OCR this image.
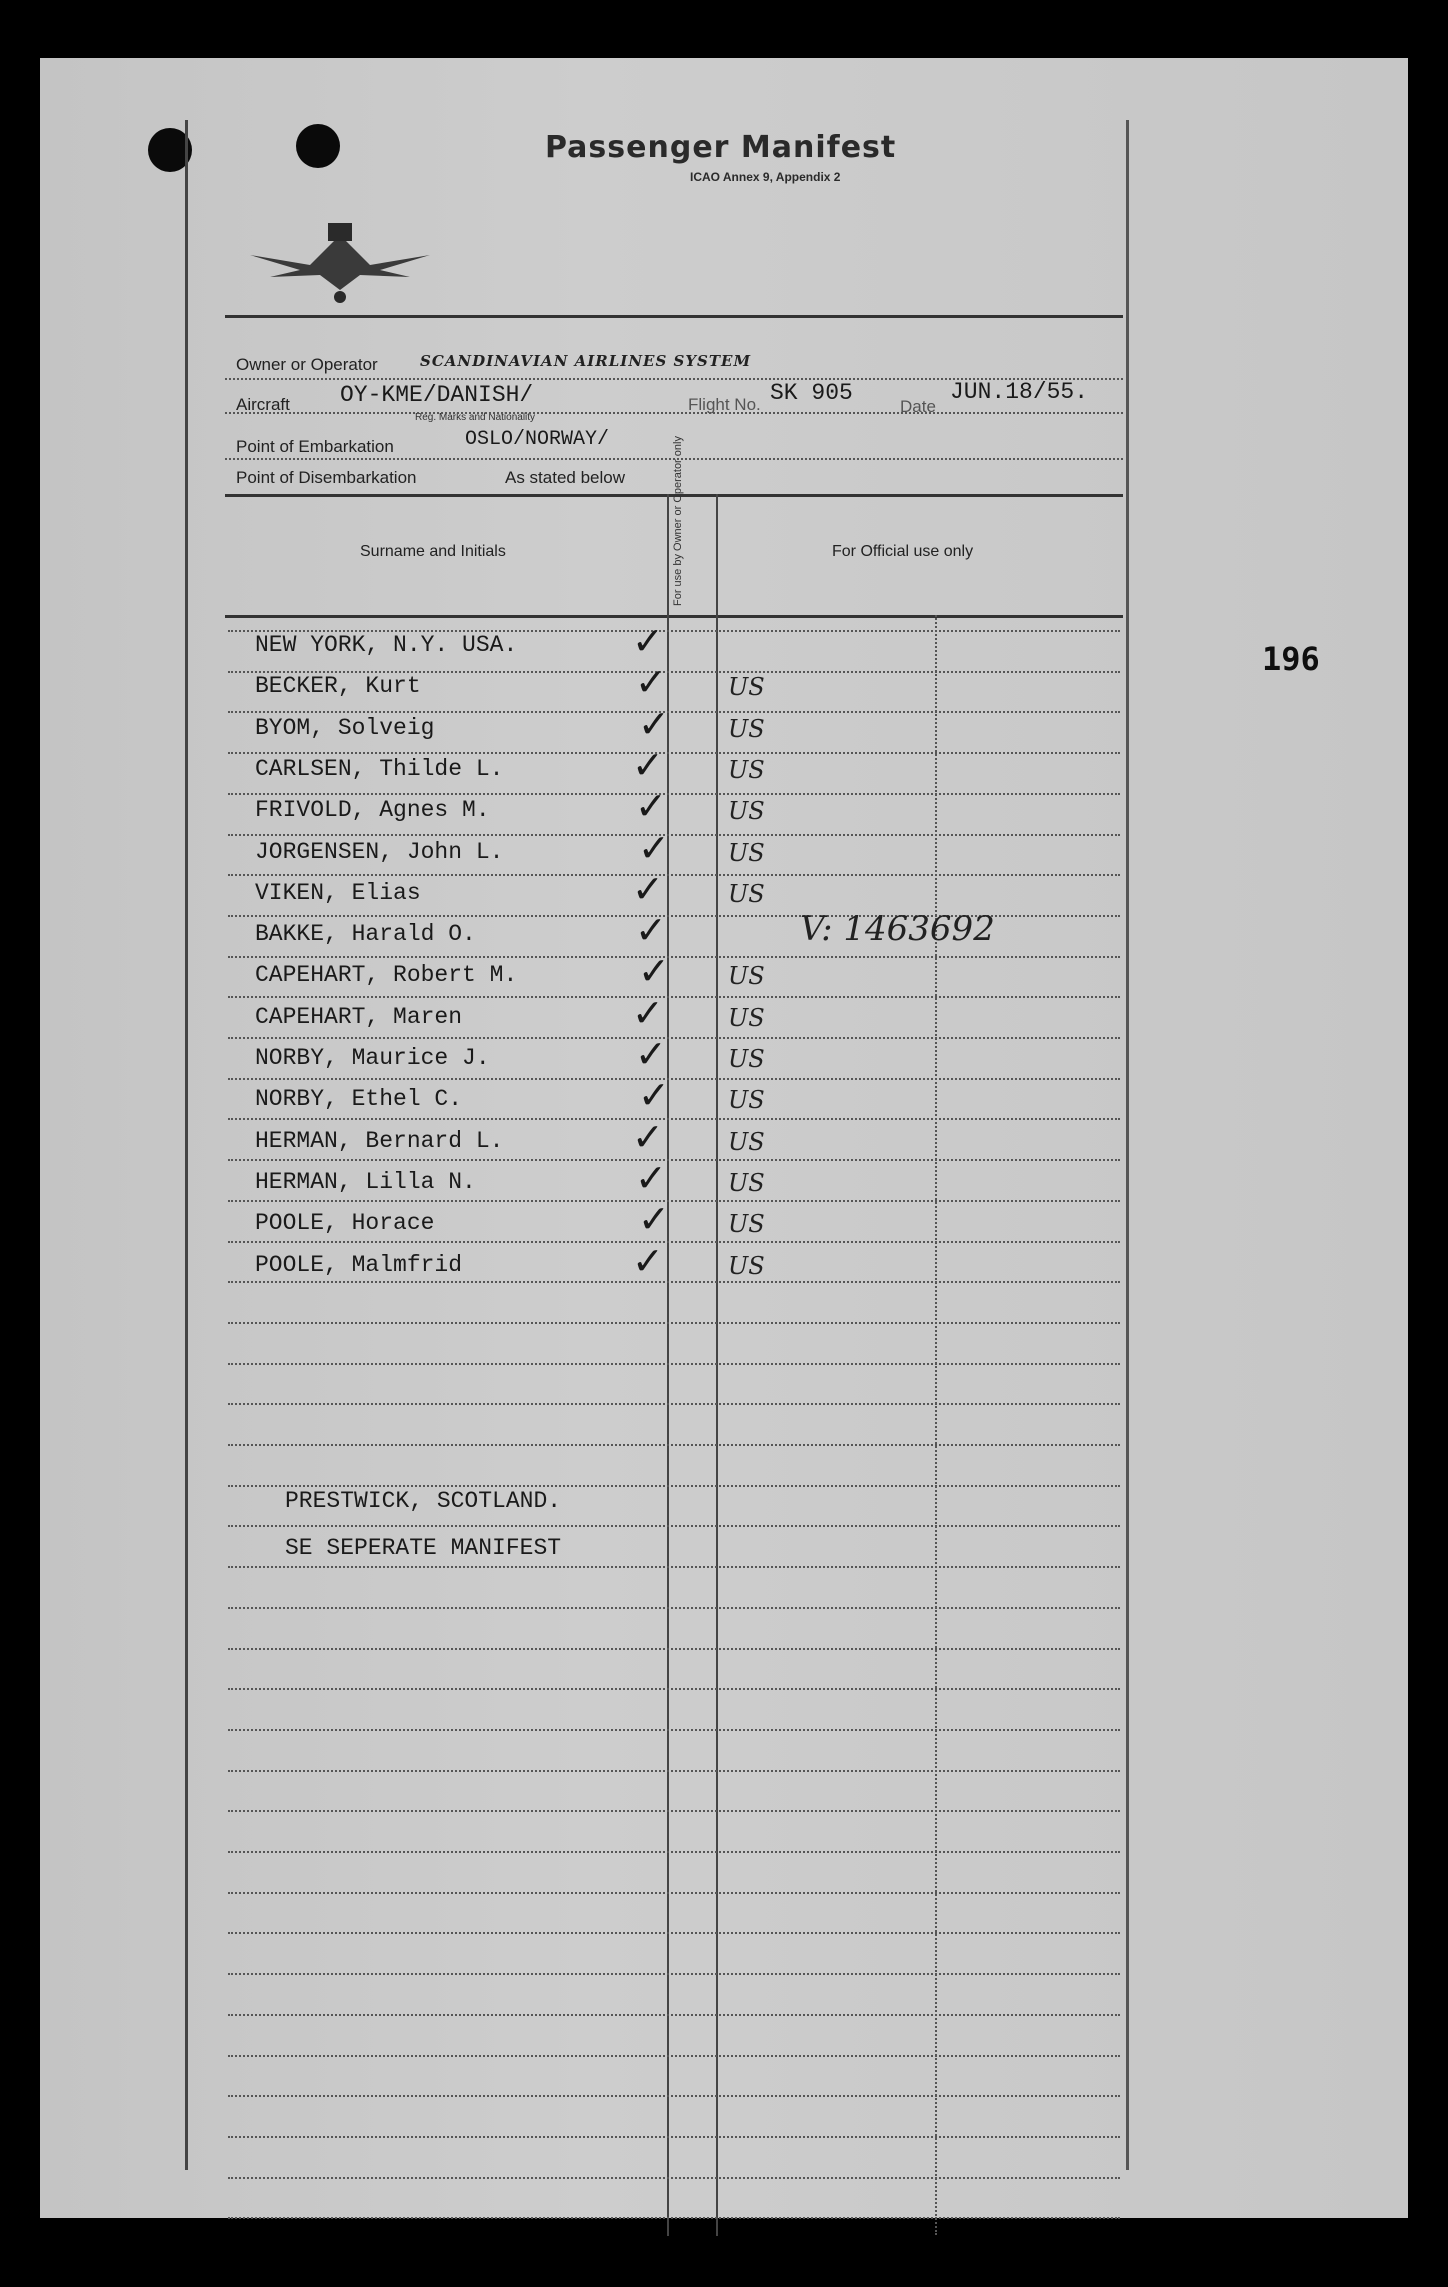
Passenger Manifest
ICAO Annex 9, Appendix 2
196
Owner or Operator	SCANDINAVIAN AIRLINES SYSTEM
Aircraft OY-KME/DANISH/
Reg. Marks and Nationality
Flight No. SK 905
Date
JUN.18/55.
Point of Embarkation	OSLO/NORWAY/
Point of Disembarkation	As stated below
Surname and Initials	For use by Owner or Operator only	For Official use only
NEW YORK, N.Y. USA.	✓
BECKER, Kurt	✓	US
BYOM, Solveig	✓ US
CARLSEN, Thilde L.	✓	US
FRIVOLD, Agnes M.	✓	US
JORGENSEN, John L.	✓ US
VIKEN, Elias	✓	US
BAKKE, Harald O.	✓	V: 1463692
CAPEHART, Robert M.	✓ US
CAPEHART, Maren	✓	US
NORBY, Maurice J.	✓	US
NORBY, Ethel C.	✓ US
HERMAN, Bernard L.	✓	US
HERMAN, Lilla N.	✓	US
POOLE, Horace	✓ US
POOLE, Malmfrid	✓	US
PRESTWICK, SCOTLAND.
SE SEPERATE MANIFEST
